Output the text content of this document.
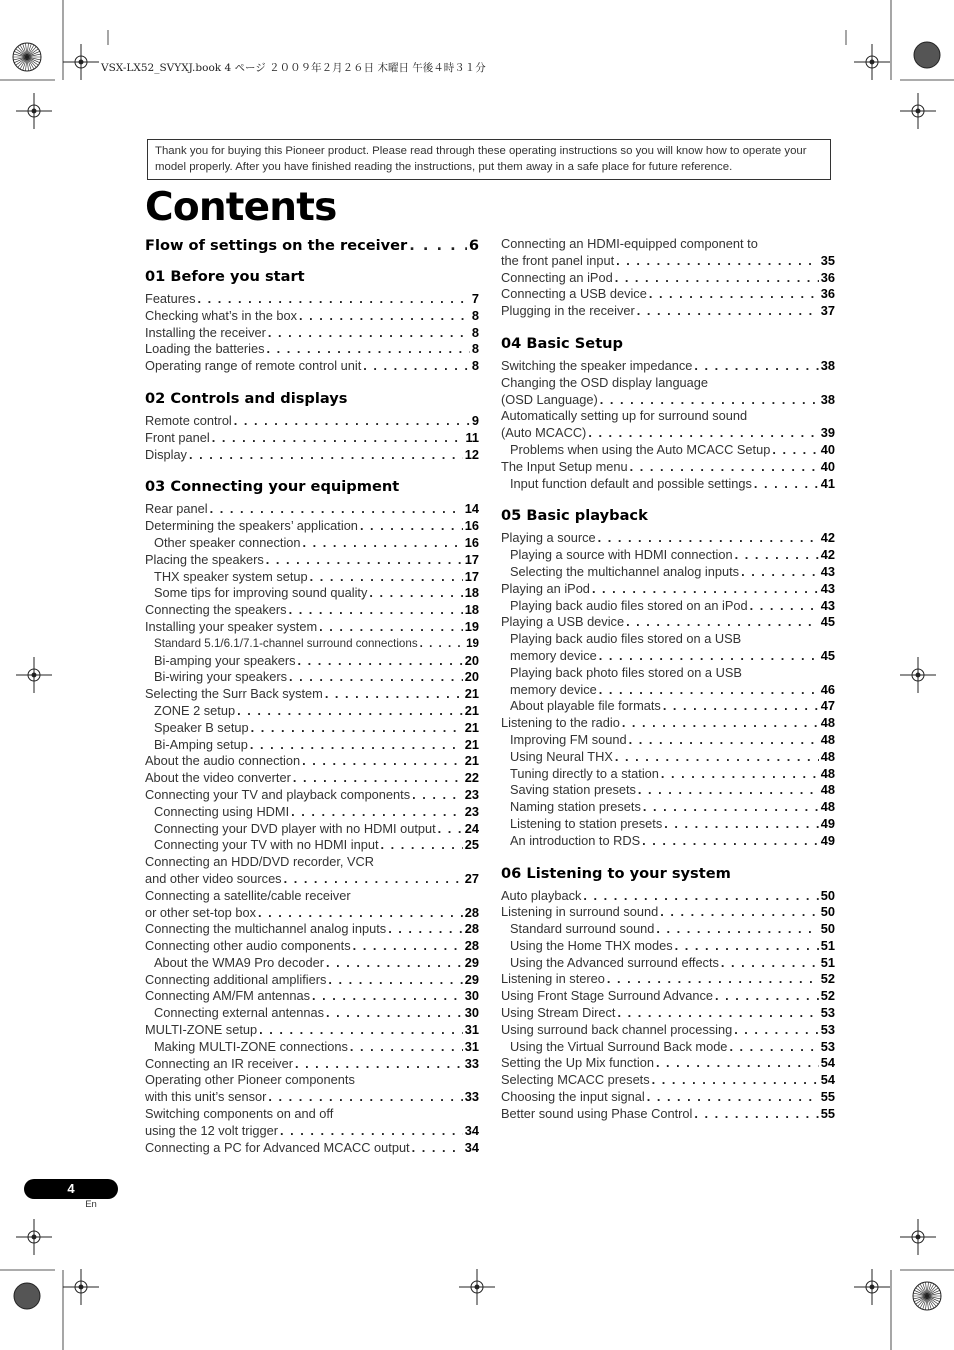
VSX-LX52_SVYXJ.book 4 ページ ２００９年２月２６日 木曜日 午後４時３１分
Thank you for buying this Pioneer product. Please read through these operating instructions so you will know how to operate your model properly. After you have finished reading the instructions, put them away in a safe place for future reference.
Contents
Flow of settings on the receiver . . .	6
01 Before you start
Features . . .	7
Checking what’s in the box . . .	8
Installing the receiver . . .	8
Loading the batteries . . .	8
Operating range of remote control unit . . .	8
02 Controls and displays
Remote control . . .	9
Front panel . . .	11
Display . . .	12
03 Connecting your equipment
Rear panel . . .	14
Determining the speakers’ application . . .	16
Other speaker connection . . .	16
Placing the speakers . . .	17
THX speaker system setup . . .	17
Some tips for improving sound quality . . .	18
Connecting the speakers . . .	18
Installing your speaker system . . .	19
Standard 5.1/6.1/7.1-channel surround connections . . .	19
Bi-amping your speakers . . .	20
Bi-wiring your speakers . . .	20
Selecting the Surr Back system . . .	21
ZONE 2 setup . . .	21
Speaker B setup . . .	21
Bi-Amping setup . . .	21
About the audio connection . . .	21
About the video converter . . .	22
Connecting your TV and playback components . . .	23
Connecting using HDMI . . .	23
Connecting your DVD player with no HDMI output . . . 24
Connecting your TV with no HDMI input . . .	25
Connecting an HDD/DVD recorder, VCR
and other video sources . . .	27
Connecting a satellite/cable receiver
or other set-top box . . .	28
Connecting the multichannel analog inputs . . .	28
Connecting other audio components . . .	28
About the WMA9 Pro decoder . . .	29
Connecting additional amplifiers . . .	29
Connecting AM/FM antennas . . .	30
Connecting external antennas . . .	30
MULTI-ZONE setup . . .	31
Making MULTI-ZONE connections . . .	31
Connecting an IR receiver . . .	33
Operating other Pioneer components
with this unit’s sensor . . .	33
Switching components on and off
using the 12 volt trigger . . .	34
Connecting a PC for Advanced MCACC output . . .	34
Connecting an HDMI-equipped component to
the front panel input . . .	35
Connecting an iPod . . .	36
Connecting a USB device . . .	36
Plugging in the receiver . . .	37
04 Basic Setup
Switching the speaker impedance . . .	38
Changing the OSD display language
(OSD Language) . . .	38
Automatically setting up for surround sound
(Auto MCACC) . . .	39
Problems when using the Auto MCACC Setup . . .	40
The Input Setup menu . . .	40
Input function default and possible settings . . .	41
05 Basic playback
Playing a source . . .	42
Playing a source with HDMI connection . . .	42
Selecting the multichannel analog inputs . . .	43
Playing an iPod . . .	43
Playing back audio files stored on an iPod . . .	43
Playing a USB device . . .	45
Playing back audio files stored on a USB
memory device . . .	45
Playing back photo files stored on a USB
memory device . . .	46
About playable file formats . . .	47
Listening to the radio . . .	48
Improving FM sound . . .	48
Using Neural THX . . .	48
Tuning directly to a station . . .	48
Saving station presets . . .	48
Naming station presets . . .	48
Listening to station presets . . .	49
An introduction to RDS . . .	49
06 Listening to your system
Auto playback . . .	50
Listening in surround sound . . .	50
Standard surround sound . . .	50
Using the Home THX modes . . .	51
Using the Advanced surround effects . . .	51
Listening in stereo . . .	52
Using Front Stage Surround Advance . . .	52
Using Stream Direct . . .	53
Using surround back channel processing . . .	53
Using the Virtual Surround Back mode . . .	53
Setting the Up Mix function . . .	54
Selecting MCACC presets . . .	54
Choosing the input signal . . .	55
Better sound using Phase Control . . .	55
4
En
